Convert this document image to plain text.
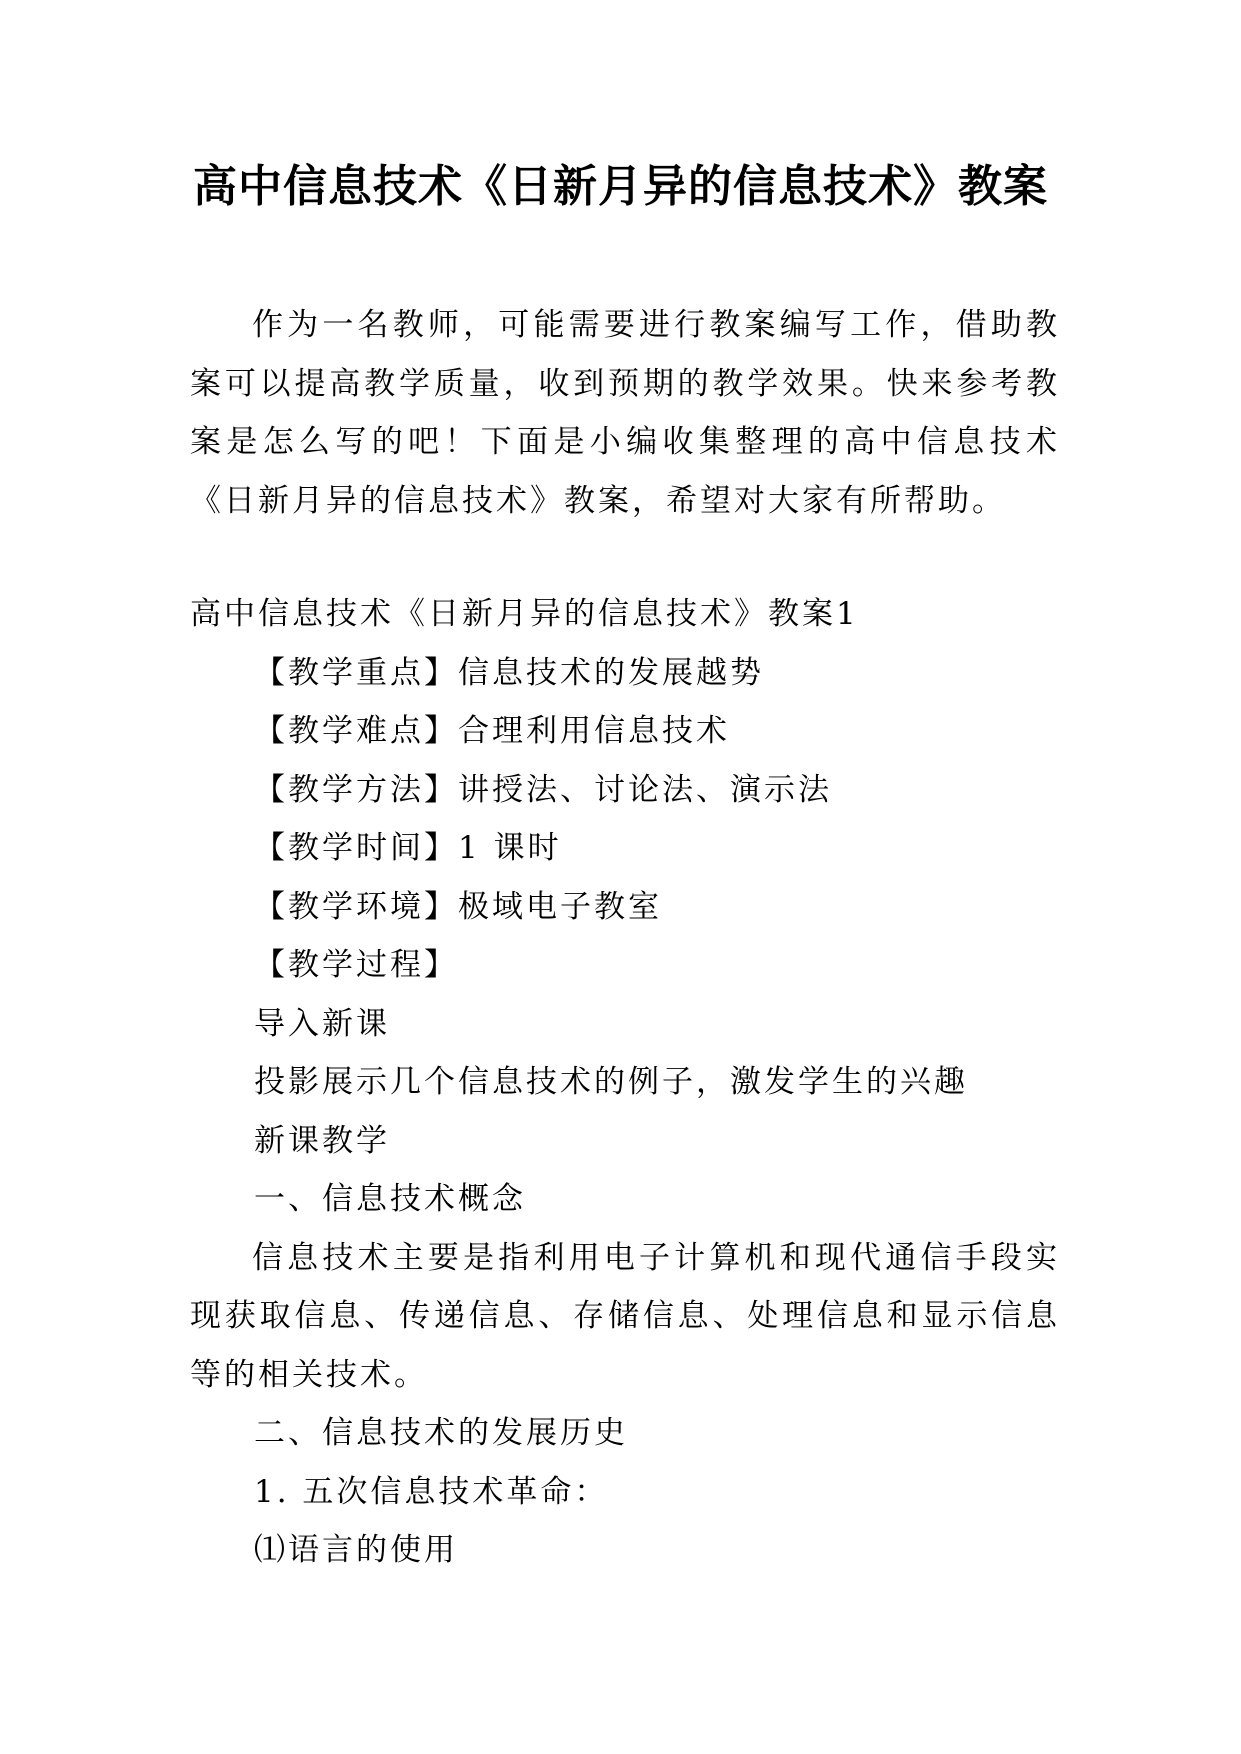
高中信息技术《日新月异的信息技术》教案

作为一名教师，可能需要进行教案编写工作，借助教案可以提高教学质量，收到预期的教学效果。快来参考教案是怎么写的吧！下面是小编收集整理的高中信息技术《日新月异的信息技术》教案，希望对大家有所帮助。

高中信息技术《日新月异的信息技术》教案1
【教学重点】信息技术的发展越势
【教学难点】合理利用信息技术
【教学方法】讲授法、讨论法、演示法
【教学时间】1 课时
【教学环境】极域电子教室
【教学过程】
导入新课
投影展示几个信息技术的例子，激发学生的兴趣
新课教学
一、信息技术概念

信息技术主要是指利用电子计算机和现代通信手段实现获取信息、传递信息、存储信息、处理信息和显示信息等的相关技术。

二、信息技术的发展历史
1. 五次信息技术革命：
⑴语言的使用
